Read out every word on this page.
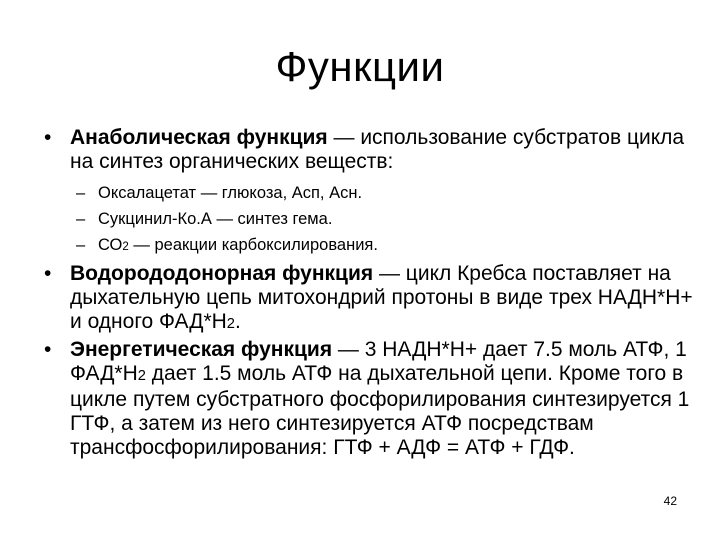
Функции

• Анаболическая функция — использование субстратов цикла на синтез органических веществ:

– Оксалацетат — глюкоза, Асп, Асн.

– Сукцинил-Ко.А — синтез гема.

– СО2 — реакции карбоксилирования.

• Водорододонорная функция — цикл Кребса поставляет на дыхательную цепь митохондрий протоны в виде трех НАДН*Н+ и одного ФАД*Н2.

• Энергетическая функция — 3 НАДН*Н+ дает 7.5 моль АТФ, 1 ФАД*Н2 дает 1.5 моль АТФ на дыхательной цепи. Кроме того в цикле путем субстратного фосфорилирования синтезируется 1 ГТФ, а затем из него синтезируется АТФ посредствам трансфосфорилирования: ГТФ + АДФ = АТФ + ГДФ.

42
